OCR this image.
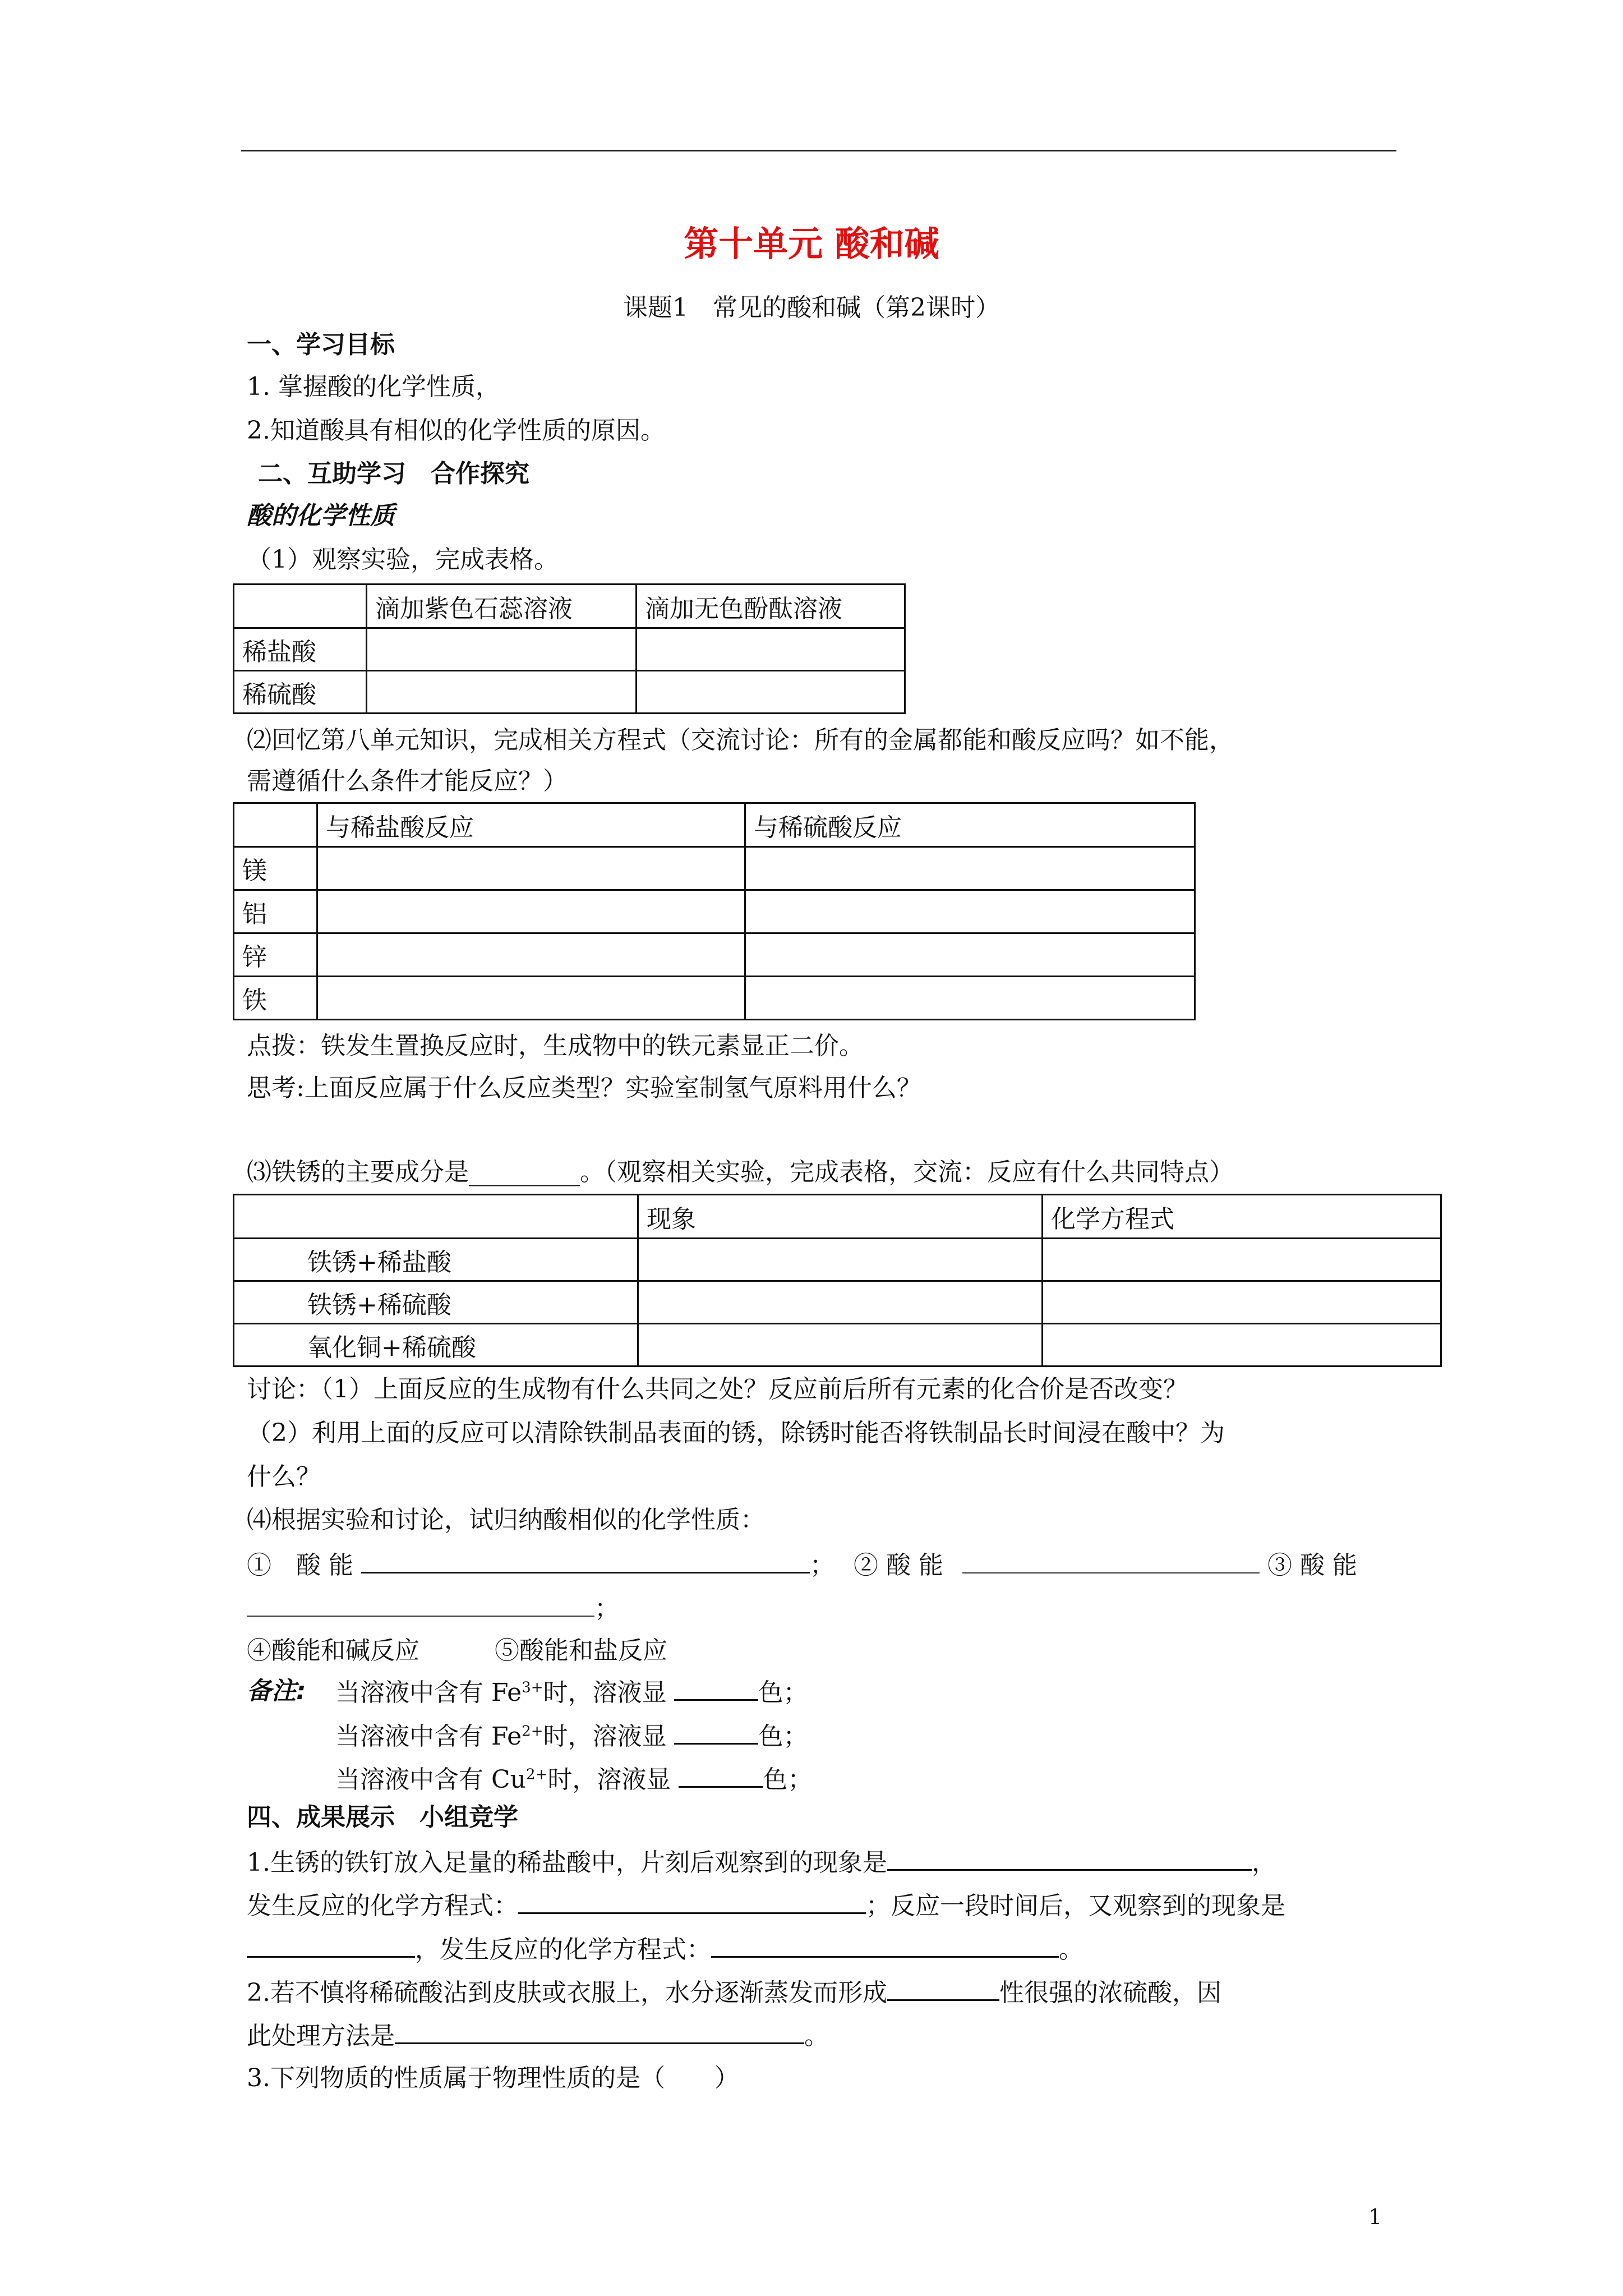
第十单元 酸和碱
课题1　常见的酸和碱（第2课时）
一、学习目标
1. 掌握酸的化学性质，
2.知道酸具有相似的化学性质的原因。
二、互助学习　合作探究
酸的化学性质
（1）观察实验，完成表格。
	滴加紫色石蕊溶液	滴加无色酚酞溶液
稀盐酸		
稀硫酸		
⑵回忆第八单元知识，完成相关方程式（交流讨论：所有的金属都能和酸反应吗？如不能，
需遵循什么条件才能反应？）
	与稀盐酸反应	与稀硫酸反应
镁		
铝		
锌		
铁		
点拨：铁发生置换反应时，生成物中的铁元素显正二价。
思考:上面反应属于什么反应类型？实验室制氢气原料用什么？
⑶铁锈的主要成分是_________。（观察相关实验，完成表格，交流：反应有什么共同特点）
	现象	化学方程式
铁锈+稀盐酸		
铁锈+稀硫酸		
氧化铜+稀硫酸		
讨论：（1）上面反应的生成物有什么共同之处？反应前后所有元素的化合价是否改变？
（2）利用上面的反应可以清除铁制品表面的锈，除锈时能否将铁制品长时间浸在酸中？为
什么？
⑷根据实验和讨论，试归纳酸相似的化学性质：
①　酸 能	； ② 酸 能	③ 酸 能
；
④酸能和碱反应	⑤酸能和盐反应
备注: 当溶液中含有 $Fe^{3+}$时，溶液显	色；
当溶液中含有 $Fe^{2+}$时，溶液显	色；
当溶液中含有 $Cu^{2+}$时，溶液显	色；
四、成果展示　小组竞学
1.生锈的铁钉放入足量的稀盐酸中，片刻后观察到的现象是	，
发生反应的化学方程式：	；反应一段时间后，又观察到的现象是
，发生反应的化学方程式：	。
2.若不慎将稀硫酸沾到皮肤或衣服上，水分逐渐蒸发而形成	性很强的浓硫酸，因
此处理方法是	。
3.下列物质的性质属于物理性质的是（　　）
1
